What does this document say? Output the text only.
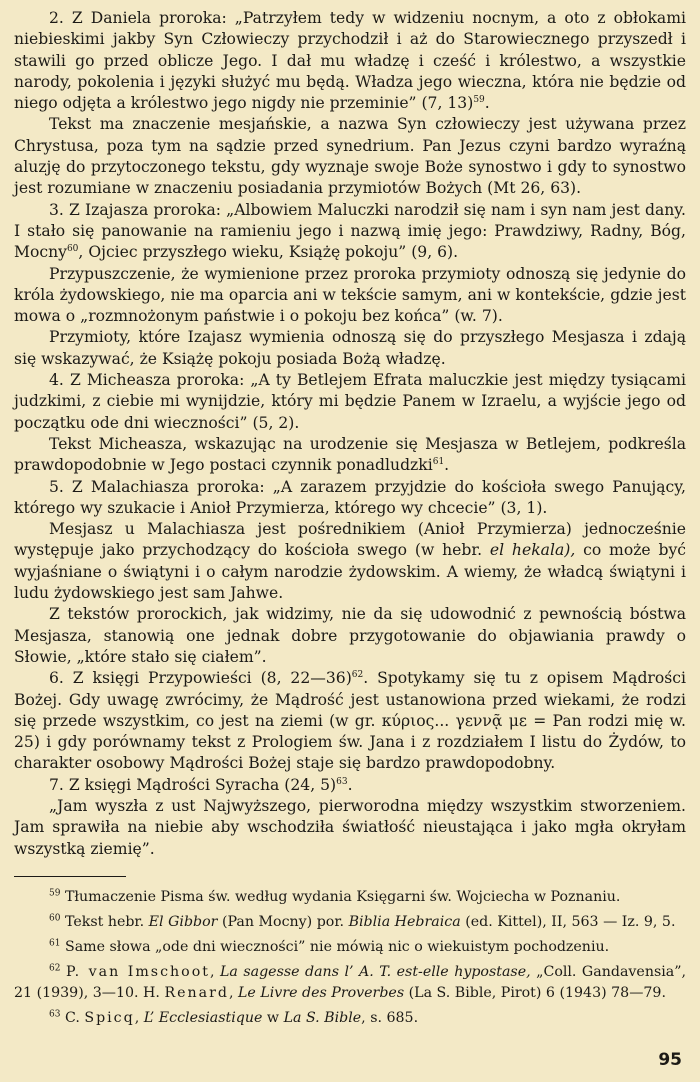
2. Z Daniela proroka: „Patrzyłem tedy w widzeniu nocnym, a oto z obłokami niebieskimi jakby Syn Człowieczy przychodził i aż do Starowiecznego przyszedł i stawili go przed oblicze Jego. I dał mu władzę i cześć i królestwo, a wszystkie narody, pokolenia i języki służyć mu będą. Władza jego wieczna, która nie będzie od niego odjęta a królestwo jego nigdy nie przeminie” (7, 13)$^{59}$.

Tekst ma znaczenie mesjańskie, a nazwa Syn człowieczy jest używana przez Chrystusa, poza tym na sądzie przed synedrium. Pan Jezus czyni bardzo wyraźną aluzję do przytoczonego tekstu, gdy wyznaje swoje Boże synostwo i gdy to synostwo jest rozumiane w znaczeniu posiadania przymiotów Bożych (Mt 26, 63).

3. Z Izajasza proroka: „Albowiem Maluczki narodził się nam i syn nam jest dany. I stało się panowanie na ramieniu jego i nazwą imię jego: Prawdziwy, Radny, Bóg, Mocny$^{60}$, Ojciec przyszłego wieku, Książę pokoju” (9, 6).

Przypuszczenie, że wymienione przez proroka przymioty odnoszą się jedynie do króla żydowskiego, nie ma oparcia ani w tekście samym, ani w kontekście, gdzie jest mowa o „rozmnożonym państwie i o pokoju bez końca” (w. 7).

Przymioty, które Izajasz wymienia odnoszą się do przyszłego Mesjasza i zdają się wskazywać, że Książę pokoju posiada Bożą władzę.

4. Z Micheasza proroka: „A ty Betlejem Efrata maluczkie jest między tysiącami judzkimi, z ciebie mi wynijdzie, który mi będzie Panem w Izraelu, a wyjście jego od początku ode dni wieczności” (5, 2).

Tekst Micheasza, wskazując na urodzenie się Mesjasza w Betlejem, podkreśla prawdopodobnie w Jego postaci czynnik ponadludzki$^{61}$.

5. Z Malachiasza proroka: „A zarazem przyjdzie do kościoła swego Panujący, którego wy szukacie i Anioł Przymierza, którego wy chcecie” (3, 1).

Mesjasz u Malachiasza jest pośrednikiem (Anioł Przymierza) jednocześnie występuje jako przychodzący do kościoła swego (w hebr. el hekala), co może być wyjaśniane o świątyni i o całym narodzie żydowskim. A wiemy, że władcą świątyni i ludu żydowskiego jest sam Jahwe.

Z tekstów prorockich, jak widzimy, nie da się udowodnić z pewnością bóstwa Mesjasza, stanowią one jednak dobre przygotowanie do objawiania prawdy o Słowie, „które stało się ciałem”.

6. Z księgi Przypowieści (8, 22—36)$^{62}$. Spotykamy się tu z opisem Mądrości Bożej. Gdy uwagę zwrócimy, że Mądrość jest ustanowiona przed wiekami, że rodzi się przede wszystkim, co jest na ziemi (w gr. κύριος... γεννᾷ με = Pan rodzi mię w. 25) i gdy porównamy tekst z Prologiem św. Jana i z rozdziałem I listu do Żydów, to charakter osobowy Mądrości Bożej staje się bardzo prawdopodobny.

7. Z księgi Mądrości Syracha (24, 5)$^{63}$.

„Jam wyszła z ust Najwyższego, pierworodna między wszystkim stworzeniem. Jam sprawiła na niebie aby wschodziła światłość nieustająca i jako mgła okryłam wszystką ziemię”.

$^{59}$ Tłumaczenie Pisma św. według wydania Księgarni św. Wojciecha w Poznaniu.

$^{60}$ Tekst hebr. El Gibbor (Pan Mocny) por. Biblia Hebraica (ed. Kittel), II, 563 — Iz. 9, 5.

$^{61}$ Same słowa „ode dni wieczności” nie mówią nic o wiekuistym pochodzeniu.

$^{62}$ P. van Imschoot, La sagesse dans l’ A. T. est-elle hypostase, „Coll. Gandavensia”, 21 (1939), 3—10. H. Renard, Le Livre des Proverbes (La S. Bible, Pirot) 6 (1943) 78—79.

$^{63}$ C. Spicq, L’ Ecclesiastique w La S. Bible, s. 685.

95
